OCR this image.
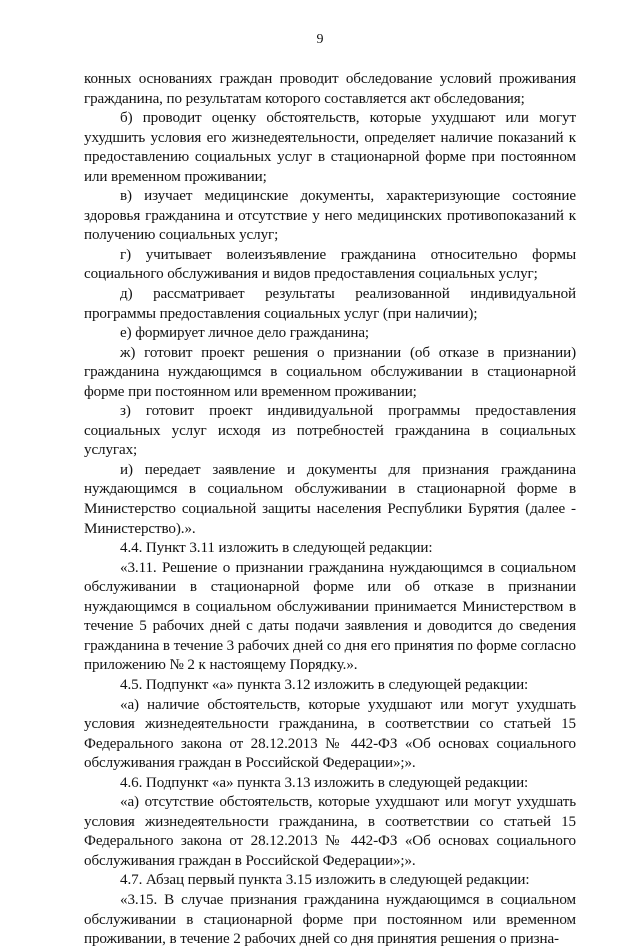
9

конных основаниях граждан проводит обследование условий проживания гражданина, по результатам которого составляется акт обследования;

б) проводит оценку обстоятельств, которые ухудшают или могут ухудшить условия его жизнедеятельности, определяет наличие показаний к предоставлению социальных услуг в стационарной форме при постоянном или временном проживании;

в) изучает медицинские документы, характеризующие состояние здоровья гражданина и отсутствие у него медицинских противопоказаний к получению социальных услуг;

г) учитывает волеизъявление гражданина относительно формы социального обслуживания и видов предоставления социальных услуг;

д) рассматривает результаты реализованной индивидуальной программы предоставления социальных услуг (при наличии);

е) формирует личное дело гражданина;

ж) готовит проект решения о признании (об отказе в признании) гражданина нуждающимся в социальном обслуживании в стационарной форме при постоянном или временном проживании;

з) готовит проект индивидуальной программы предоставления социальных услуг исходя из потребностей гражданина в социальных услугах;

и) передает заявление и документы для признания гражданина нуждающимся в социальном обслуживании в стационарной форме в Министерство социальной защиты населения Республики Бурятия (далее - Министерство).».

4.4. Пункт 3.11 изложить в следующей редакции:

«3.11. Решение о признании гражданина нуждающимся в социальном обслуживании в стационарной форме или об отказе в признании нуждающимся в социальном обслуживании принимается Министерством в течение 5 рабочих дней с даты подачи заявления и доводится до сведения гражданина в течение 3 рабочих дней со дня его принятия по форме согласно приложению № 2 к настоящему Порядку.».

4.5. Подпункт «а» пункта 3.12 изложить в следующей редакции:

«а) наличие обстоятельств, которые ухудшают или могут ухудшать условия жизнедеятельности гражданина, в соответствии со статьей 15 Федерального закона от 28.12.2013 № 442-ФЗ «Об основах социального обслуживания граждан в Российской Федерации»;».

4.6. Подпункт «а» пункта 3.13 изложить в следующей редакции:

«а) отсутствие обстоятельств, которые ухудшают или могут ухудшать условия жизнедеятельности гражданина, в соответствии со статьей 15 Федерального закона от 28.12.2013 № 442-ФЗ «Об основах социального обслуживания граждан в Российской Федерации»;».

4.7. Абзац первый пункта 3.15 изложить в следующей редакции:

«3.15. В случае признания гражданина нуждающимся в социальном обслуживании в стационарной форме при постоянном или временном проживании, в течение 2 рабочих дней со дня принятия решения о призна-
